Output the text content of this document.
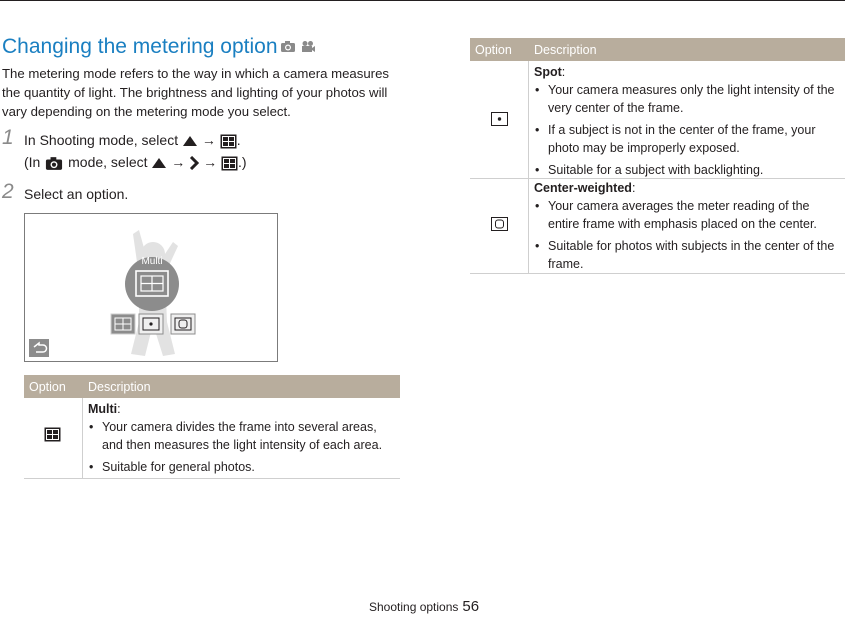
Changing the metering option

The metering mode refers to the way in which a camera measures the quantity of light. The brightness and lighting of your photos will vary depending on the metering mode you select.

1 In Shooting mode, select → .
(In mode, select → → .)
2 Select an option.
Multi
Option Description
Multi:
• Your camera divides the frame into several areas, and then measures the light intensity of each area.
• Suitable for general photos.
Option Description
Spot:
• Your camera measures only the light intensity of the very center of the frame.
• If a subject is not in the center of the frame, your photo may be improperly exposed.
• Suitable for a subject with backlighting.
Center-weighted:
• Your camera averages the meter reading of the entire frame with emphasis placed on the center.
• Suitable for photos with subjects in the center of the frame.
Shooting options 56
